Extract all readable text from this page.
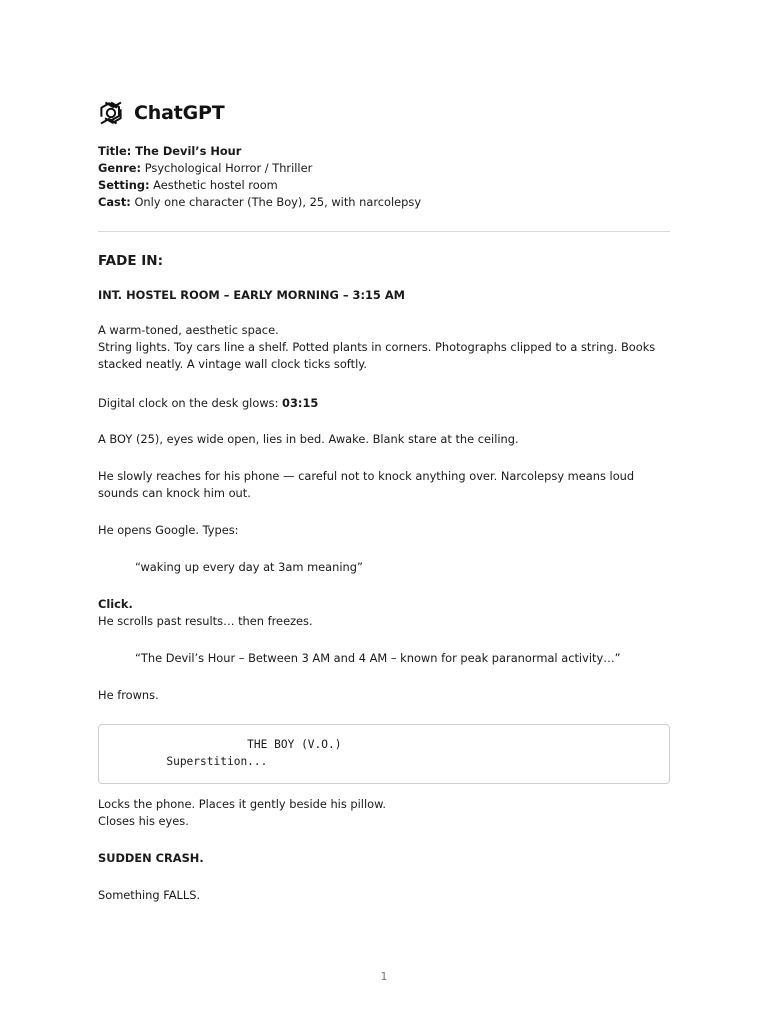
ChatGPT
Title: The Devil’s Hour
Genre: Psychological Horror / Thriller
Setting: Aesthetic hostel room
Cast: Only one character (The Boy), 25, with narcolepsy
FADE IN:

INT. HOSTEL ROOM – EARLY MORNING – 3:15 AM

A warm-toned, aesthetic space.
String lights. Toy cars line a shelf. Potted plants in corners. Photographs clipped to a string. Books stacked neatly. A vintage wall clock ticks softly.

Digital clock on the desk glows: 03:15

A BOY (25), eyes wide open, lies in bed. Awake. Blank stare at the ceiling.

He slowly reaches for his phone — careful not to knock anything over. Narcolepsy means loud sounds can knock him out.

He opens Google. Types:

“waking up every day at 3am meaning”

Click.
He scrolls past results… then freezes.

“The Devil’s Hour – Between 3 AM and 4 AM – known for peak paranormal activity…”

He frowns.

THE BOY (V.O.)
Superstition...

Locks the phone. Places it gently beside his pillow.
Closes his eyes.

SUDDEN CRASH.

Something FALLS.

1
